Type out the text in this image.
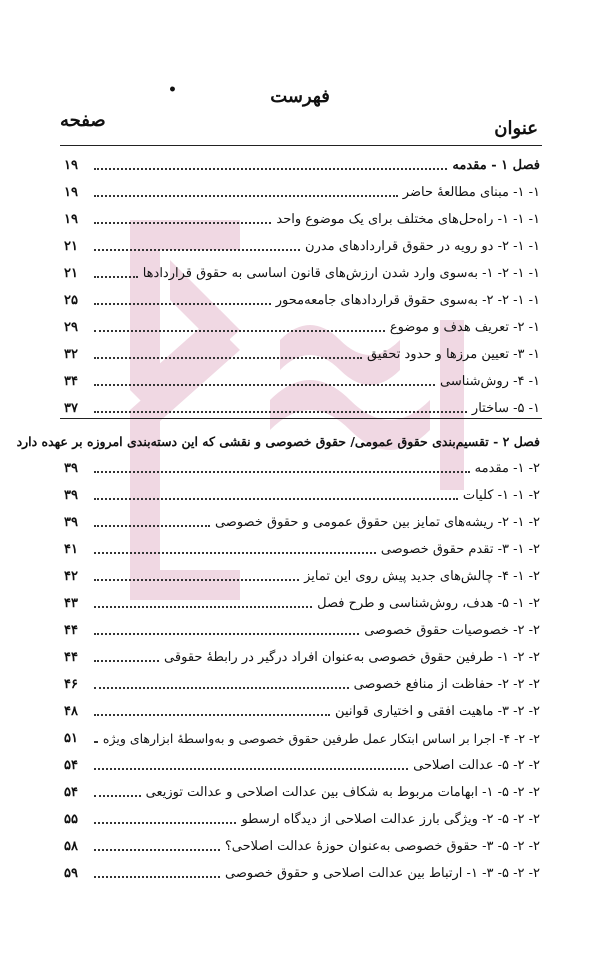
•	فهرست
عنوان
صفحه
فصل ۱ - مقدمه
۱۹
۱- ۱- مبنای مطالعهٔ حاضر
۱۹
۱- ۱- ۱- راه‌حل‌های مختلف برای یک موضوع واحد
۱۹
۱- ۱- ۲- دو رویه در حقوق قراردادهای مدرن
۲۱
۱- ۱- ۲- ۱- به‌سوی وارد شدن ارزش‌های قانون اساسی به حقوق قراردادها
۲۱
۱- ۱- ۲- ۲- به‌سوی حقوق قراردادهای جامعه‌محور
۲۵
۱- ۲- تعریف هدف و موضوع
۲۹
۱- ۳- تعیین مرزها و حدود تحقیق
۳۲
۱- ۴- روش‌شناسی
۳۴
۱- ۵- ساختار
۳۷
فصل ۲ - تقسیم‌بندی حقوق عمومی/ حقوق خصوصی و نقشی که این دسته‌بندی امروزه بر عهده دارد
۲- ۱- مقدمه
۳۹
۲- ۱- ۱- کلیات
۳۹
۲- ۱- ۲- ریشه‌های تمایز بین حقوق عمومی و حقوق خصوصی
۳۹
۲- ۱- ۳- تقدم حقوق خصوصی
۴۱
۲- ۱- ۴- چالش‌های جدید پیش روی این تمایز
۴۲
۲- ۱- ۵- هدف، روش‌شناسی و طرح فصل
۴۳
۲- ۲- خصوصیات حقوق خصوصی
۴۴
۲- ۲- ۱- طرفین حقوق خصوصی به‌عنوان افراد درگیر در رابطهٔ حقوقی
۴۴
۲- ۲- ۲- حفاظت از منافع خصوصی
۴۶
۲- ۲- ۳- ماهیت افقی و اختیاری قوانین
۴۸
۲- ۲- ۴- اجرا بر اساس ابتکار عمل طرفین حقوق خصوصی و به‌واسطهٔ ابزارهای ویژه
۵۱
۲- ۲- ۵- عدالت اصلاحی
۵۴
۲- ۲- ۵- ۱- ابهامات مربوط به شکاف بین عدالت اصلاحی و عدالت توزیعی
۵۴
۲- ۲- ۵- ۲- ویژگی بارز عدالت اصلاحی از دیدگاه ارسطو
۵۵
۲- ۲- ۵- ۳- حقوق خصوصی به‌عنوان حوزهٔ عدالت اصلاحی؟
۵۸
۲- ۲- ۵- ۳- ۱- ارتباط بین عدالت اصلاحی و حقوق خصوصی
۵۹
